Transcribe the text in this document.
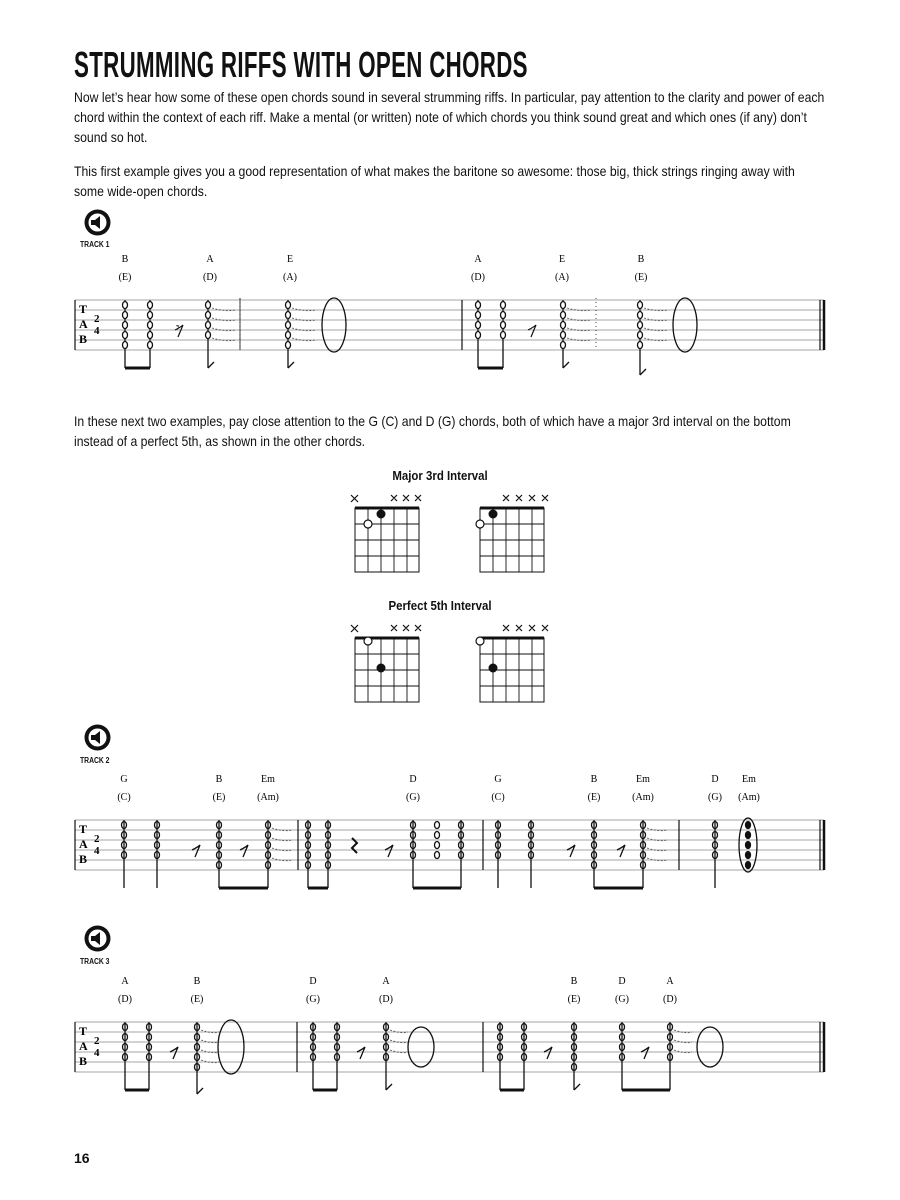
STRUMMING RIFFS WITH OPEN CHORDS
Now let’s hear how some of these open chords sound in several strumming riffs. In particular, pay attention to the clarity and power of each chord within the context of each riff. Make a mental (or written) note of which chords you think sound great and which ones (if any) don’t sound so hot.
This first example gives you a good representation of what makes the baritone so awesome: those big, thick strings ringing away with some wide-open chords.
TRACK 1
B
(E)
A
(D)
E
(A)
A
(D)
E
(A)
B
(E)
T
A
B
2
4	𝄾
In these next two examples, pay close attention to the G (C) and D (G) chords, both of which have a major 3rd interval on the bottom instead of a perfect 5th, as shown in the other chords.
Major 3rd Interval
Perfect 5th Interval
TRACK 2
G
(C)
B
(E)
Em
(Am)
D
(G)
G
(C)
B
(E)
Em
(Am)
D
(G)
Em
(Am)
T
A
B
2
4
TRACK 3
A
(D)
B
(E)
D
(G)
A
(D)
B
(E)
D
(G)
A
(D)
T
A
B
2
4
16
